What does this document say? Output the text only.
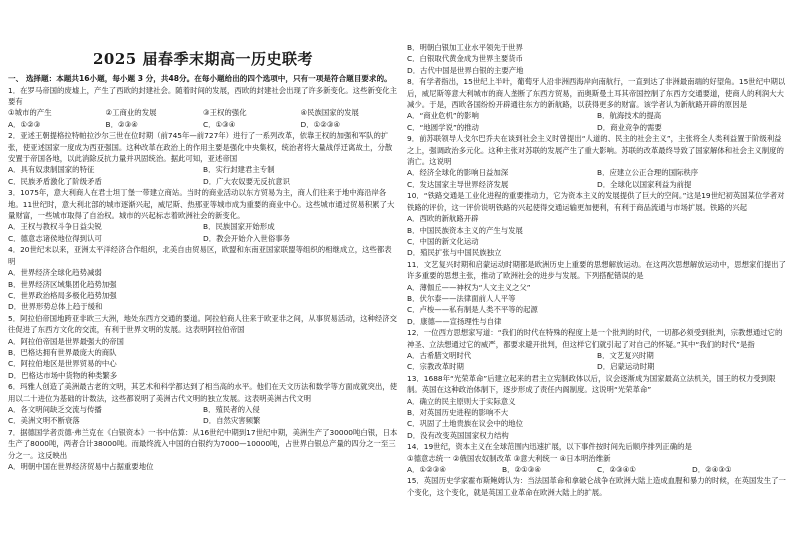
2025 届春季末期高一历史联考

一、 选择题：本题共16小题，每小题 3 分，共48分。在每小题给出的四个选项中，只有一项是符合题目要求的。

1．在罗马帝国的废墟上，产生了西欧的封建社会。随着时间的发展，西欧的封建社会出现了许多新变化。这些新变化主要有

①城市的产生	②工商业的发展	③王权的强化	④民族国家的发展
A．①②③	B．②③④	C．①③④	D．①②③④

2．亚述王朝提格拉特帕拉沙尔三世在位时期（前745年—前727年）进行了一系列改革，依靠王权的加强和军队的扩张，使亚述国家一度成为西亚强国。这种改革在政治上的作用主要是强化中央集权，统治者将大量战俘迁离故土，分散安置于帝国各地，以此消除反抗力量并巩固统治。据此可知，亚述帝国

A．具有奴隶制国家的特征	B．实行封建君主专制
C．民族矛盾激化了阶级矛盾	D．广大农奴要无反抗意识

3．1075年，意大利商人在君士坦丁堡一带建立商站。当时的商业活动以东方贸易为主，商人们往来于地中海沿岸各地。11世纪时，意大利北部的城市逐渐兴起，威尼斯、热那亚等城市成为重要的商业中心。这些城市通过贸易积累了大量财富，一些城市取得了自治权。城市的兴起标志着欧洲社会的新变化。

A．王权与教权斗争日益尖锐	B．民族国家开始形成
C．德意志诸侯地位得到认可	D．教会开始介入世俗事务

4．20世纪末以来，亚洲太平洋经济合作组织，北美自由贸易区，欧盟和东南亚国家联盟等组织的相继成立，这些都表明

A．世界经济全球化趋势减弱

B．世界经济区域集团化趋势加强

C．世界政治格局多极化趋势加强

D．世界形势总体上趋于缓和

5．阿拉伯帝国地跨亚非欧三大洲，地处东西方交通的要道。阿拉伯商人往来于欧亚非之间，从事贸易活动，这种经济交往促进了东西方文化的交流，有利于世界文明的发展。这表明阿拉伯帝国

A．阿拉伯帝国是世界最强大的帝国

B．巴格达拥有世界最庞大的商队

C．阿拉伯地区是世界贸易的中心

D．巴格达市场中货物的种类繁多

6．玛雅人创造了美洲最古老的文明，其艺术和科学都达到了相当高的水平。他们在天文历法和数学等方面成就突出，使用以二十进位为基础的计数法，这些都说明了美洲古代文明的独立发展。这表明美洲古代文明

A．各文明间缺乏交流与传播	B．殖民者的入侵
C．美洲文明不断衰落	D．自然灾害频繁

7．据德国学者贡德·弗兰克在《白银资本》一书中估算：从16世纪中期到17世纪中期，美洲生产了30000吨白银，日本生产了8000吨，两者合计38000吨。而最终流入中国的白银约为7000—10000吨，占世界白银总产量的四分之一至三分之一。这反映出

A．明朝中国在世界经济贸易中占据重要地位

B．明朝白银加工业水平领先于世界

C．白银取代黄金成为世界主要货币

D．古代中国是世界白银的主要产地

8．有学者指出，15世纪上半叶，葡萄牙人沿非洲西海岸向南航行，一直到达了非洲最南端的好望角。15世纪中期以后，威尼斯等意大利城市的商人垄断了东西方贸易，而奥斯曼土耳其帝国控制了东西方交通要道，使商人的利润大大减少。于是，西欧各国纷纷开辟通往东方的新航路，以获得更多的财富。该学者认为新航路开辟的原因是

A．“商业危机”的影响	B．航海技术的提高
C．“地圆学说”的推动	D．商业竞争的需要

9．前苏联领导人戈尔巴乔夫在谈到社会主义时曾提出“人道的、民主的社会主义”，主张将全人类利益置于阶级利益之上，强调政治多元化。这种主张对苏联的发展产生了重大影响。苏联的改革最终导致了国家解体和社会主义制度的消亡。这说明

A．经济全球化的影响日益加深	B．应建立公正合理的国际秩序
C．发达国家主导世界经济发展	D．全球化以国家利益为前提

10．“铁路交通是工业化进程的重要推动力，它为资本主义的发展提供了巨大的空间。”这是19世纪初英国某位学者对铁路的评价，这一评价说明铁路的兴起使得交通运输更加便利，有利于商品流通与市场扩展。铁路的兴起

A．西欧的新航路开辟

B．中国民族资本主义的产生与发展

C．中国的新文化运动

D．殖民扩张与中国民族独立

11．文艺复兴时期和启蒙运动时期都是欧洲历史上重要的思想解放运动。在这两次思想解放运动中，思想家们提出了许多重要的思想主张，推动了欧洲社会的进步与发展。下列搭配错误的是

A．薄伽丘——神权为“人文主义之父”

B．伏尔泰——法律面前人人平等

C．卢梭——私有制是人类不平等的起源

D．康德——宣扬理性与自律

12．一位西方思想家写道：“我们的时代在特殊的程度上是一个批判的时代，一切都必须受到批判，宗教想通过它的神圣、立法想通过它的威严，都要求避开批判，但这样它们就引起了对自己的怀疑。”其中“我们的时代”是指

A．古希腊文明时代	B．文艺复兴时期
C．宗教改革时期	D．启蒙运动时期

13．1688年“光荣革命”后建立起来的君主立宪制政体以后，议会逐渐成为国家最高立法机关，国王的权力受到限制。英国在这种政治体制下，逐步形成了责任内阁制度。这说明“光荣革命”

A．确立的民主原则大于实际意义

B．对英国历史进程的影响不大

C．巩固了土地贵族在议会中的地位

D．没有改变英国国家权力结构

14．19世纪，资本主义在全球范围内迅速扩展，以下事件按时间先后顺序排列正确的是

①德意志统一 ②俄国农奴制改革 ③意大利统一 ④日本明治维新

A．①②③④	B．②①③④	C．②③④①	D．②④③①

15．英国历史学家霍布斯鲍姆认为：当法国革命和拿破仑战争在欧洲大陆上造成血腥和暴力的时候，在英国发生了一个变化，这个变化，就是英国工业革命在欧洲大陆上的扩展。
